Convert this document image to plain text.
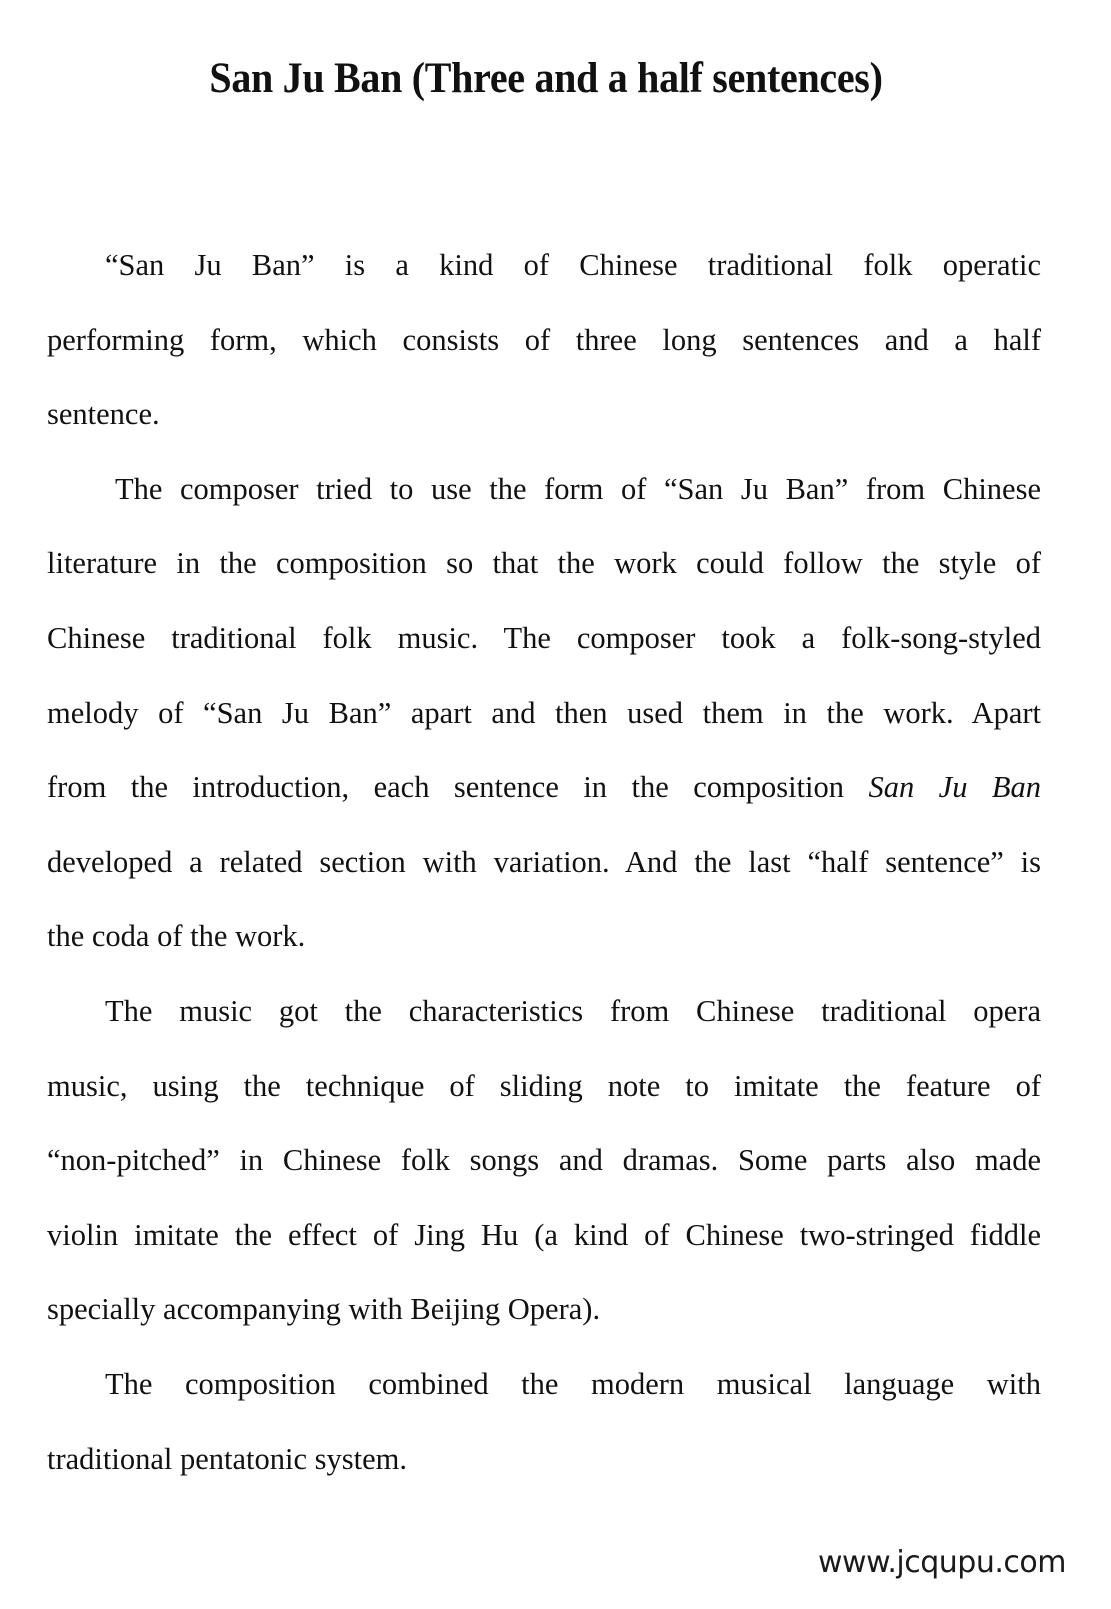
San Ju Ban (Three and a half sentences)
“San Ju Ban” is a kind of Chinese traditional folk operatic
performing form, which consists of three long sentences and a half
sentence.
The composer tried to use the form of “San Ju Ban” from Chinese
literature in the composition so that the work could follow the style of
Chinese traditional folk music. The composer took a folk-song-styled
melody of “San Ju Ban” apart and then used them in the work. Apart
from the introduction, each sentence in the composition San Ju Ban
developed a related section with variation. And the last “half sentence” is
the coda of the work.
The music got the characteristics from Chinese traditional opera
music, using the technique of sliding note to imitate the feature of
“non-pitched” in Chinese folk songs and dramas. Some parts also made
violin imitate the effect of Jing Hu (a kind of Chinese two-stringed fiddle
specially accompanying with Beijing Opera).
The composition combined the modern musical language with
traditional pentatonic system.
www.jcqupu.com
